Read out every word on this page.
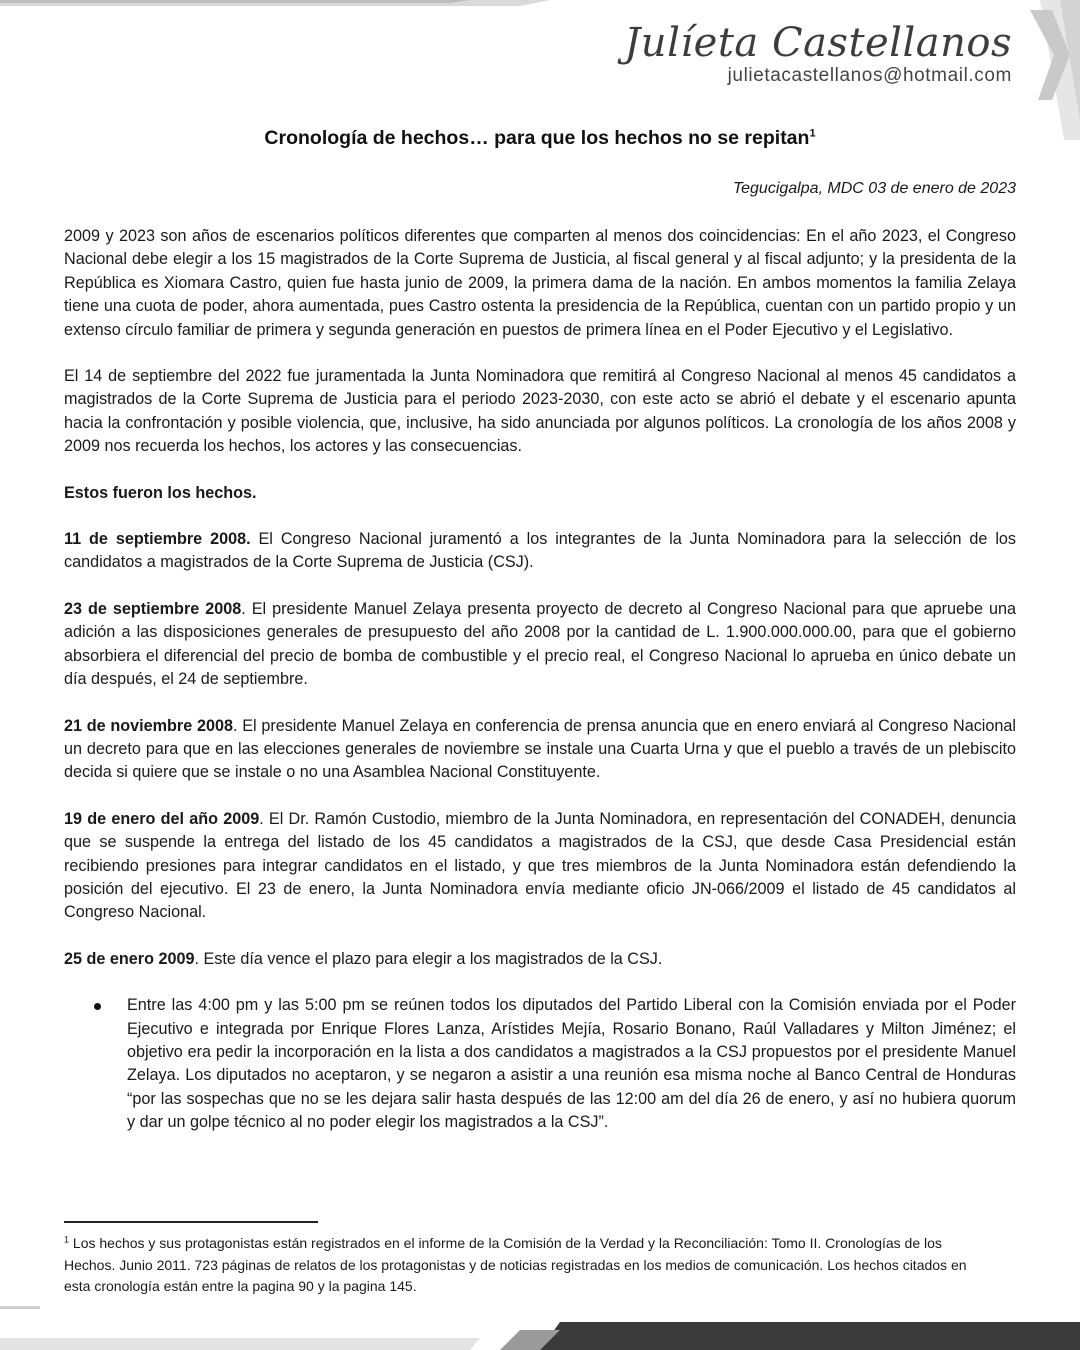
Julíeta Castellanos
julietacastellanos@hotmail.com
Cronología de hechos… para que los hechos no se repitan$^1$
Tegucigalpa, MDC 03 de enero de 2023

2009 y 2023 son años de escenarios políticos diferentes que comparten al menos dos coincidencias: En el año 2023, el Congreso Nacional debe elegir a los 15 magistrados de la Corte Suprema de Justicia, al fiscal general y al fiscal adjunto; y la presidenta de la República es Xiomara Castro, quien fue hasta junio de 2009, la primera dama de la nación. En ambos momentos la familia Zelaya tiene una cuota de poder, ahora aumentada, pues Castro ostenta la presidencia de la República, cuentan con un partido propio y un extenso círculo familiar de primera y segunda generación en puestos de primera línea en el Poder Ejecutivo y el Legislativo.

El 14 de septiembre del 2022 fue juramentada la Junta Nominadora que remitirá al Congreso Nacional al menos 45 candidatos a magistrados de la Corte Suprema de Justicia para el periodo 2023-2030, con este acto se abrió el debate y el escenario apunta hacia la confrontación y posible violencia, que, inclusive, ha sido anunciada por algunos políticos. La cronología de los años 2008 y 2009 nos recuerda los hechos, los actores y las consecuencias.

Estos fueron los hechos.

11 de septiembre 2008. El Congreso Nacional juramentó a los integrantes de la Junta Nominadora para la selección de los candidatos a magistrados de la Corte Suprema de Justicia (CSJ).

23 de septiembre 2008. El presidente Manuel Zelaya presenta proyecto de decreto al Congreso Nacional para que apruebe una adición a las disposiciones generales de presupuesto del año 2008 por la cantidad de L. 1.900.000.000.00, para que el gobierno absorbiera el diferencial del precio de bomba de combustible y el precio real, el Congreso Nacional lo aprueba en único debate un día después, el 24 de septiembre.

21 de noviembre 2008. El presidente Manuel Zelaya en conferencia de prensa anuncia que en enero enviará al Congreso Nacional un decreto para que en las elecciones generales de noviembre se instale una Cuarta Urna y que el pueblo a través de un plebiscito decida si quiere que se instale o no una Asamblea Nacional Constituyente.

19 de enero del año 2009. El Dr. Ramón Custodio, miembro de la Junta Nominadora, en representación del CONADEH, denuncia que se suspende la entrega del listado de los 45 candidatos a magistrados de la CSJ, que desde Casa Presidencial están recibiendo presiones para integrar candidatos en el listado, y que tres miembros de la Junta Nominadora están defendiendo la posición del ejecutivo. El 23 de enero, la Junta Nominadora envía mediante oficio JN-066/2009 el listado de 45 candidatos al Congreso Nacional.

25 de enero 2009. Este día vence el plazo para elegir a los magistrados de la CSJ.

Entre las 4:00 pm y las 5:00 pm se reúnen todos los diputados del Partido Liberal con la Comisión enviada por el Poder Ejecutivo e integrada por Enrique Flores Lanza, Arístides Mejía, Rosario Bonano, Raúl Valladares y Milton Jiménez; el objetivo era pedir la incorporación en la lista a dos candidatos a magistrados a la CSJ propuestos por el presidente Manuel Zelaya. Los diputados no aceptaron, y se negaron a asistir a una reunión esa misma noche al Banco Central de Honduras “por las sospechas que no se les dejara salir hasta después de las 12:00 am del día 26 de enero, y así no hubiera quorum y dar un golpe técnico al no poder elegir los magistrados a la CSJ”.
$^1$ Los hechos y sus protagonistas están registrados en el informe de la Comisión de la Verdad y la Reconciliación: Tomo II. Cronologías de los Hechos. Junio 2011. 723 páginas de relatos de los protagonistas y de noticias registradas en los medios de comunicación. Los hechos citados en esta cronología están entre la pagina 90 y la pagina 145.
